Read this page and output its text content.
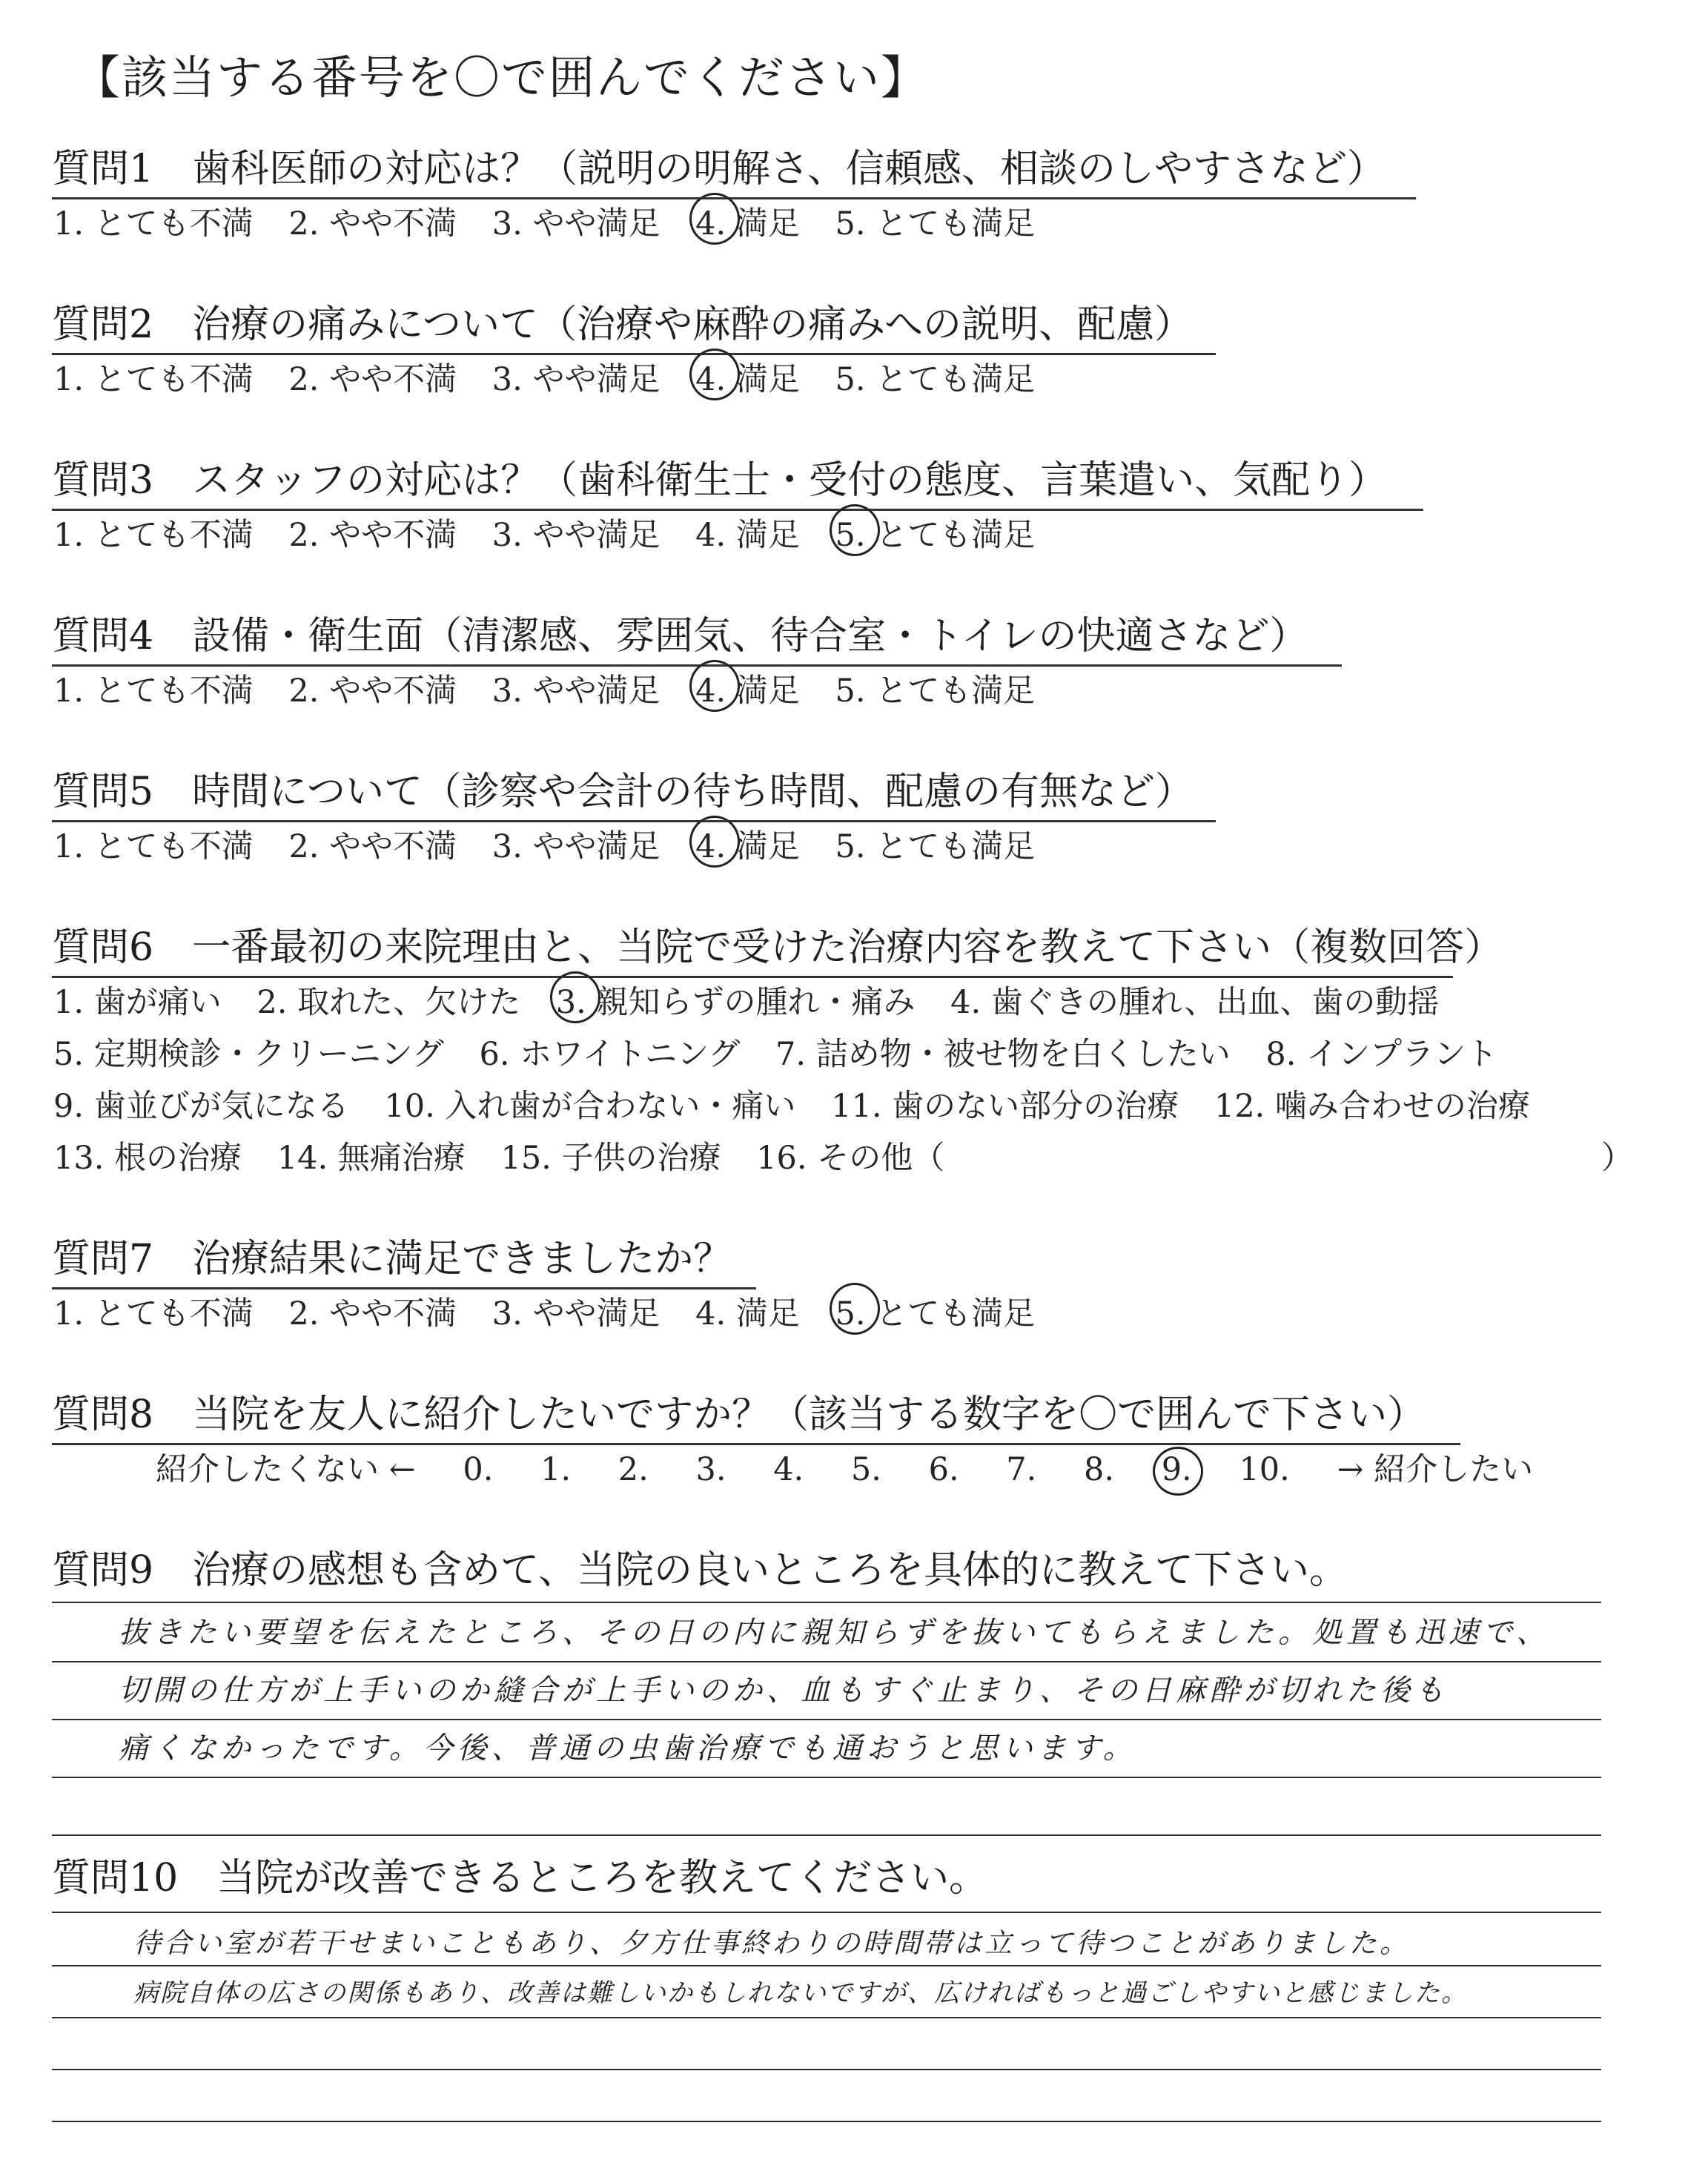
【該当する番号を〇で囲んでください】
質問1　歯科医師の対応は？（説明の明解さ、信頼感、相談のしやすさなど）
1. とても不満 2. やや不満 3. やや満足 4. 満足 5. とても満足
質問2　治療の痛みについて（治療や麻酔の痛みへの説明、配慮）
1. とても不満 2. やや不満 3. やや満足 4. 満足 5. とても満足
質問3　スタッフの対応は？（歯科衛生士・受付の態度、言葉遣い、気配り）
1. とても不満 2. やや不満 3. やや満足 4. 満足 5. とても満足
質問4　設備・衛生面（清潔感、雰囲気、待合室・トイレの快適さなど）
1. とても不満 2. やや不満 3. やや満足 4. 満足 5. とても満足
質問5　時間について（診察や会計の待ち時間、配慮の有無など）
1. とても不満 2. やや不満 3. やや満足 4. 満足 5. とても満足
質問6　一番最初の来院理由と、当院で受けた治療内容を教えて下さい（複数回答）
1. 歯が痛い 2. 取れた、欠けた 3. 親知らずの腫れ・痛み 4. 歯ぐきの腫れ、出血、歯の動揺
5. 定期検診・クリーニング 6. ホワイトニング 7. 詰め物・被せ物を白くしたい 8. インプラント
9. 歯並びが気になる 10. 入れ歯が合わない・痛い 11. 歯のない部分の治療 12. 噛み合わせの治療
13. 根の治療 14. 無痛治療 15. 子供の治療 16. その他（	）
質問7　治療結果に満足できましたか？
1. とても不満 2. やや不満 3. やや満足 4. 満足 5. とても満足
質問8　当院を友人に紹介したいですか？（該当する数字を〇で囲んで下さい）
紹介したくない ← 0. 1. 2. 3. 4. 5. 6. 7. 8. 9. 10. → 紹介したい
質問9　治療の感想も含めて、当院の良いところを具体的に教えて下さい。
抜きたい要望を伝えたところ、その日の内に親知らずを抜いてもらえました。処置も迅速で、
切開の仕方が上手いのか縫合が上手いのか、血もすぐ止まり、その日麻酔が切れた後も
痛くなかったです。今後、普通の虫歯治療でも通おうと思います。
質問10　当院が改善できるところを教えてください。
待合い室が若干せまいこともあり、夕方仕事終わりの時間帯は立って待つことがありました。
病院自体の広さの関係もあり、改善は難しいかもしれないですが、広ければもっと過ごしやすいと感じました。
